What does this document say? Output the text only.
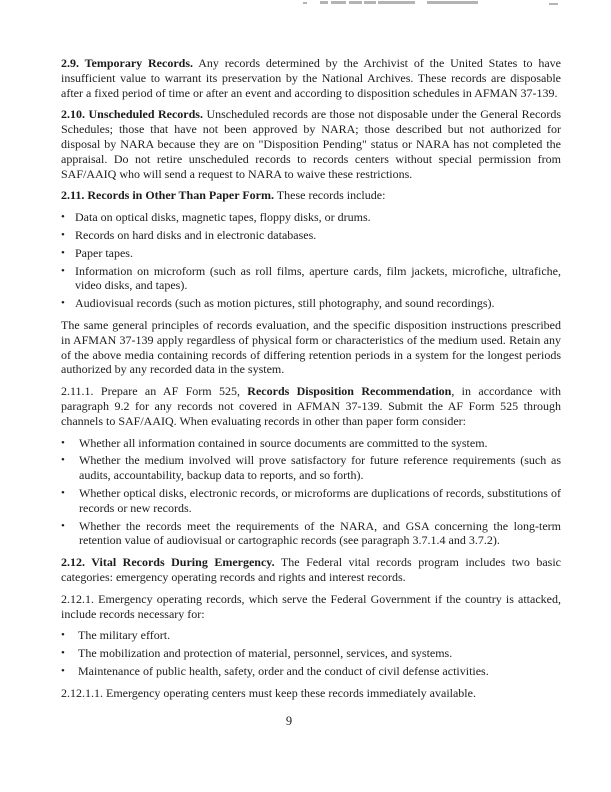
2.9. Temporary Records. Any records determined by the Archivist of the United States to have insufficient value to warrant its preservation by the National Archives. These records are disposable after a fixed period of time or after an event and according to disposition schedules in AFMAN 37-139.

2.10. Unscheduled Records. Unscheduled records are those not disposable under the General Records Schedules; those that have not been approved by NARA; those described but not authorized for disposal by NARA because they are on "Disposition Pending" status or NARA has not completed the appraisal. Do not retire unscheduled records to records centers without special permission from SAF/AAIQ who will send a request to NARA to waive these restrictions.

2.11. Records in Other Than Paper Form. These records include:

• Data on optical disks, magnetic tapes, floppy disks, or drums.
• Records on hard disks and in electronic databases.
• Paper tapes.
• Information on microform (such as roll films, aperture cards, film jackets, microfiche, ultrafiche, video disks, and tapes).
• Audiovisual records (such as motion pictures, still photography, and sound recordings).

The same general principles of records evaluation, and the specific disposition instructions prescribed in AFMAN 37-139 apply regardless of physical form or characteristics of the medium used. Retain any of the above media containing records of differing retention periods in a system for the longest periods authorized by any recorded data in the system.

2.11.1. Prepare an AF Form 525, Records Disposition Recommendation, in accordance with paragraph 9.2 for any records not covered in AFMAN 37-139. Submit the AF Form 525 through channels to SAF/AAIQ. When evaluating records in other than paper form consider:

•	Whether all information contained in source documents are committed to the system.
•	Whether the medium involved will prove satisfactory for future reference requirements (such as audits, accountability, backup data to reports, and so forth).
•	Whether optical disks, electronic records, or microforms are duplications of records, substitutions of records or new records.
•	Whether the records meet the requirements of the NARA, and GSA concerning the long-term retention value of audiovisual or cartographic records (see paragraph 3.7.1.4 and 3.7.2).

2.12. Vital Records During Emergency. The Federal vital records program includes two basic categories: emergency operating records and rights and interest records.

2.12.1. Emergency operating records, which serve the Federal Government if the country is attacked, include records necessary for:

•	The military effort.
•	The mobilization and protection of material, personnel, services, and systems.
•	Maintenance of public health, safety, order and the conduct of civil defense activities.

2.12.1.1. Emergency operating centers must keep these records immediately available.

9
